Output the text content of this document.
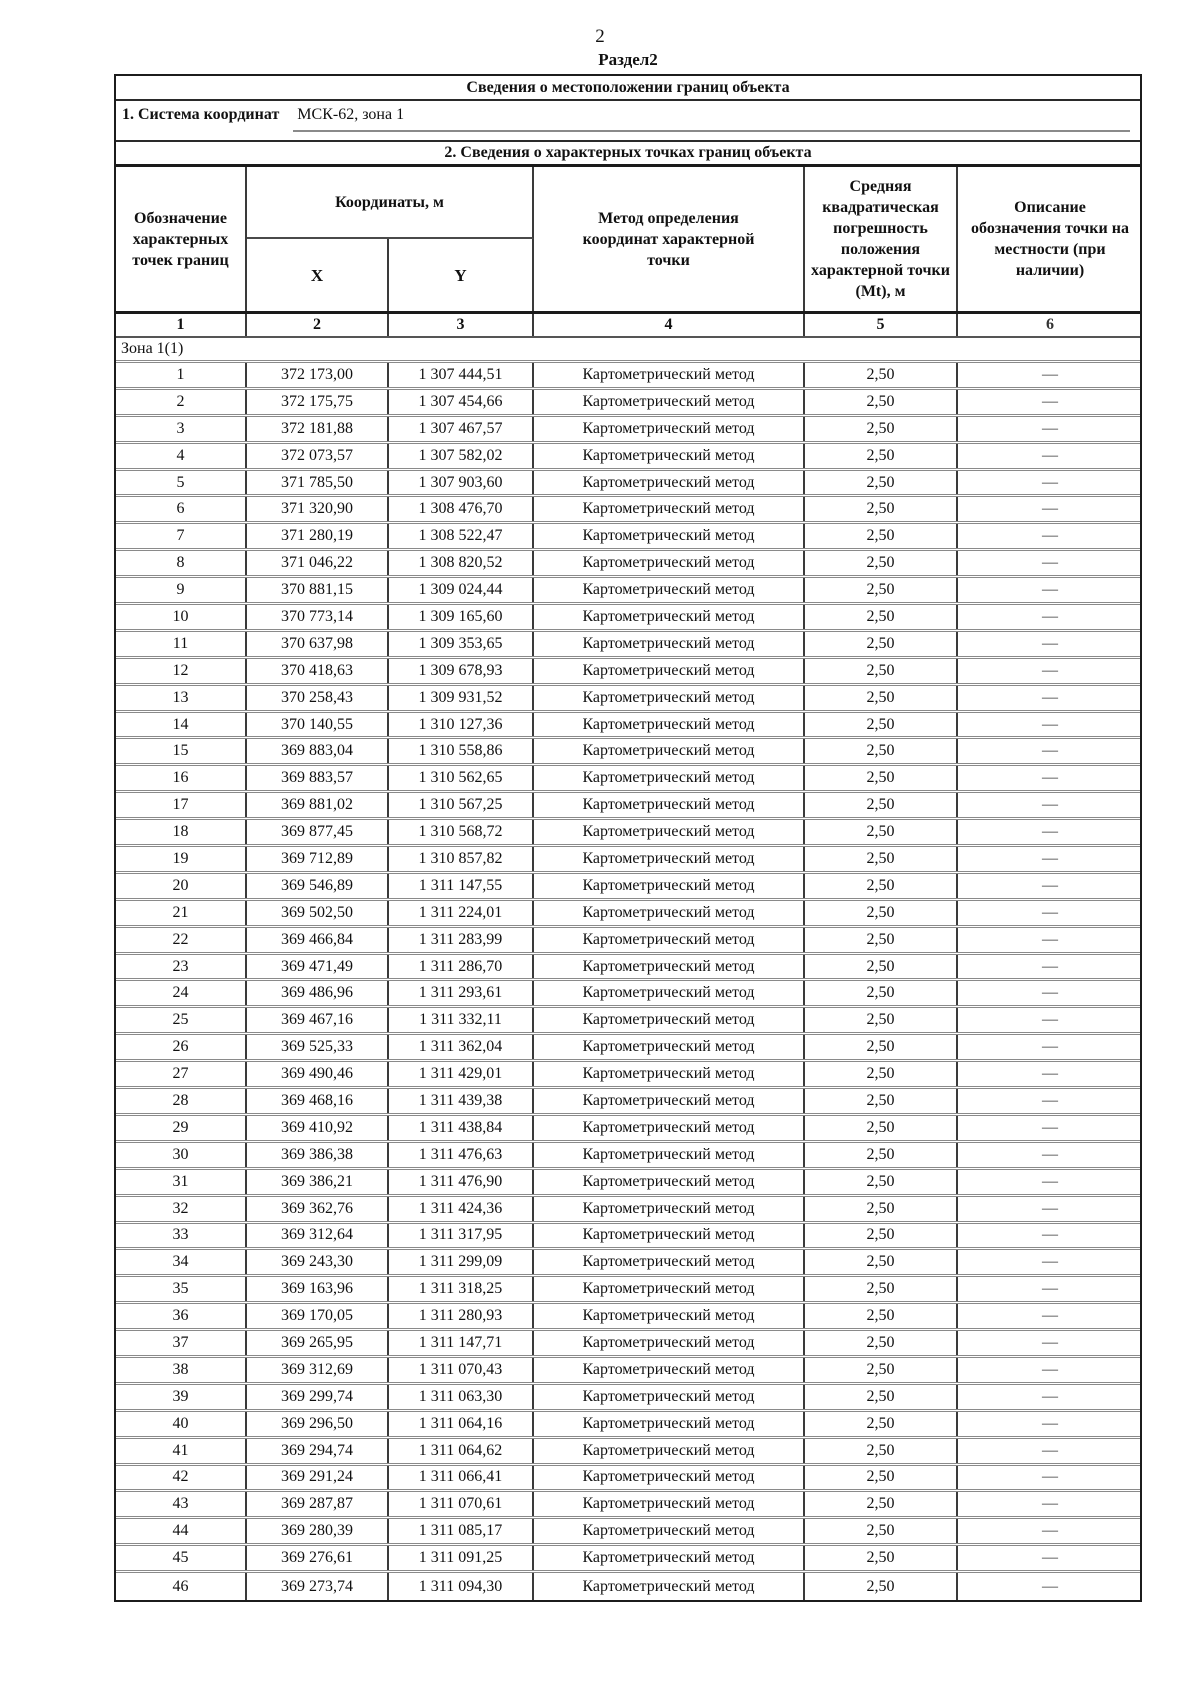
2
Раздел2
Сведения о местоположении границ объекта
1. Система координат МСК-62, зона 1
2. Сведения о характерных точках границ объекта
Обозначение характерных точек границ
Координаты, м
X	Y
Метод определения координат характерной точки
Средняя квадратическая погрешность положения характерной точки (Mt), м
Описание обозначения точки на местности (при наличии)
1	2	3	4	5	6
Зона 1(1)
1	372 173,00	1 307 444,51	Картометрический метод	2,50	—
2	372 175,75	1 307 454,66	Картометрический метод	2,50	—
3	372 181,88	1 307 467,57	Картометрический метод	2,50	—
4	372 073,57	1 307 582,02	Картометрический метод	2,50	—
5	371 785,50	1 307 903,60	Картометрический метод	2,50	—
6	371 320,90	1 308 476,70	Картометрический метод	2,50	—
7	371 280,19	1 308 522,47	Картометрический метод	2,50	—
8	371 046,22	1 308 820,52	Картометрический метод	2,50	—
9	370 881,15	1 309 024,44	Картометрический метод	2,50	—
10	370 773,14	1 309 165,60	Картометрический метод	2,50	—
11	370 637,98	1 309 353,65	Картометрический метод	2,50	—
12	370 418,63	1 309 678,93	Картометрический метод	2,50	—
13	370 258,43	1 309 931,52	Картометрический метод	2,50	—
14	370 140,55	1 310 127,36	Картометрический метод	2,50	—
15	369 883,04	1 310 558,86	Картометрический метод	2,50	—
16	369 883,57	1 310 562,65	Картометрический метод	2,50	—
17	369 881,02	1 310 567,25	Картометрический метод	2,50	—
18	369 877,45	1 310 568,72	Картометрический метод	2,50	—
19	369 712,89	1 310 857,82	Картометрический метод	2,50	—
20	369 546,89	1 311 147,55	Картометрический метод	2,50	—
21	369 502,50	1 311 224,01	Картометрический метод	2,50	—
22	369 466,84	1 311 283,99	Картометрический метод	2,50	—
23	369 471,49	1 311 286,70	Картометрический метод	2,50	—
24	369 486,96	1 311 293,61	Картометрический метод	2,50	—
25	369 467,16	1 311 332,11	Картометрический метод	2,50	—
26	369 525,33	1 311 362,04	Картометрический метод	2,50	—
27	369 490,46	1 311 429,01	Картометрический метод	2,50	—
28	369 468,16	1 311 439,38	Картометрический метод	2,50	—
29	369 410,92	1 311 438,84	Картометрический метод	2,50	—
30	369 386,38	1 311 476,63	Картометрический метод	2,50	—
31	369 386,21	1 311 476,90	Картометрический метод	2,50	—
32	369 362,76	1 311 424,36	Картометрический метод	2,50	—
33	369 312,64	1 311 317,95	Картометрический метод	2,50	—
34	369 243,30	1 311 299,09	Картометрический метод	2,50	—
35	369 163,96	1 311 318,25	Картометрический метод	2,50	—
36	369 170,05	1 311 280,93	Картометрический метод	2,50	—
37	369 265,95	1 311 147,71	Картометрический метод	2,50	—
38	369 312,69	1 311 070,43	Картометрический метод	2,50	—
39	369 299,74	1 311 063,30	Картометрический метод	2,50	—
40	369 296,50	1 311 064,16	Картометрический метод	2,50	—
41	369 294,74	1 311 064,62	Картометрический метод	2,50	—
42	369 291,24	1 311 066,41	Картометрический метод	2,50	—
43	369 287,87	1 311 070,61	Картометрический метод	2,50	—
44	369 280,39	1 311 085,17	Картометрический метод	2,50	—
45	369 276,61	1 311 091,25	Картометрический метод	2,50	—
46	369 273,74	1 311 094,30	Картометрический метод	2,50	—
